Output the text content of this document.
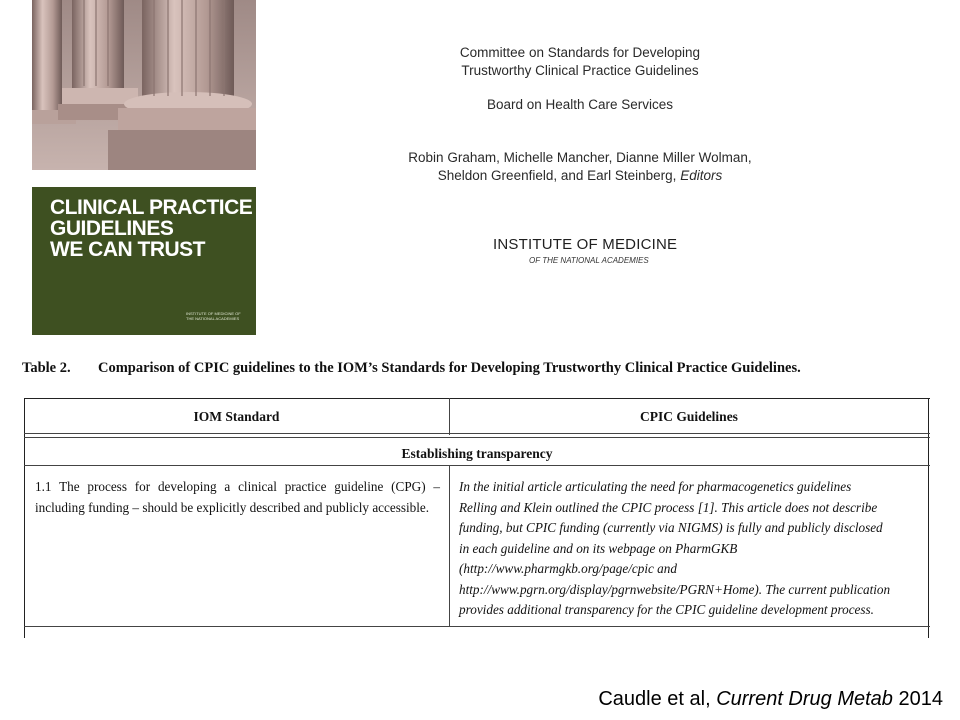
CLINICAL PRACTICE
GUIDELINES
WE CAN TRUST
INSTITUTE OF MEDICINE OF THE NATIONAL ACADEMIES
Committee on Standards for Developing
Trustworthy Clinical Practice Guidelines
Board on Health Care Services
Robin Graham, Michelle Mancher, Dianne Miller Wolman,
Sheldon Greenfield, and Earl Steinberg, Editors
INSTITUTE OF MEDICINE
OF THE NATIONAL ACADEMIES

Table 2. Comparison of CPIC guidelines to the IOM’s Standards for Developing Trustworthy Clinical Practice Guidelines.

IOM Standard	CPIC Guidelines
Establishing transparency
1.1 The process for developing a clinical practice guideline (CPG) – including funding – should be explicitly described and publicly accessible.
In the initial article articulating the need for pharmacogenetics guidelines
Relling and Klein outlined the CPIC process [1]. This article does not describe
funding, but CPIC funding (currently via NIGMS) is fully and publicly disclosed
in each guideline and on its webpage on PharmGKB
(http://www.pharmgkb.org/page/cpic and
http://www.pgrn.org/display/pgrnwebsite/PGRN+Home). The current publication
provides additional transparency for the CPIC guideline development process.

Caudle et al, Current Drug Metab 2014
